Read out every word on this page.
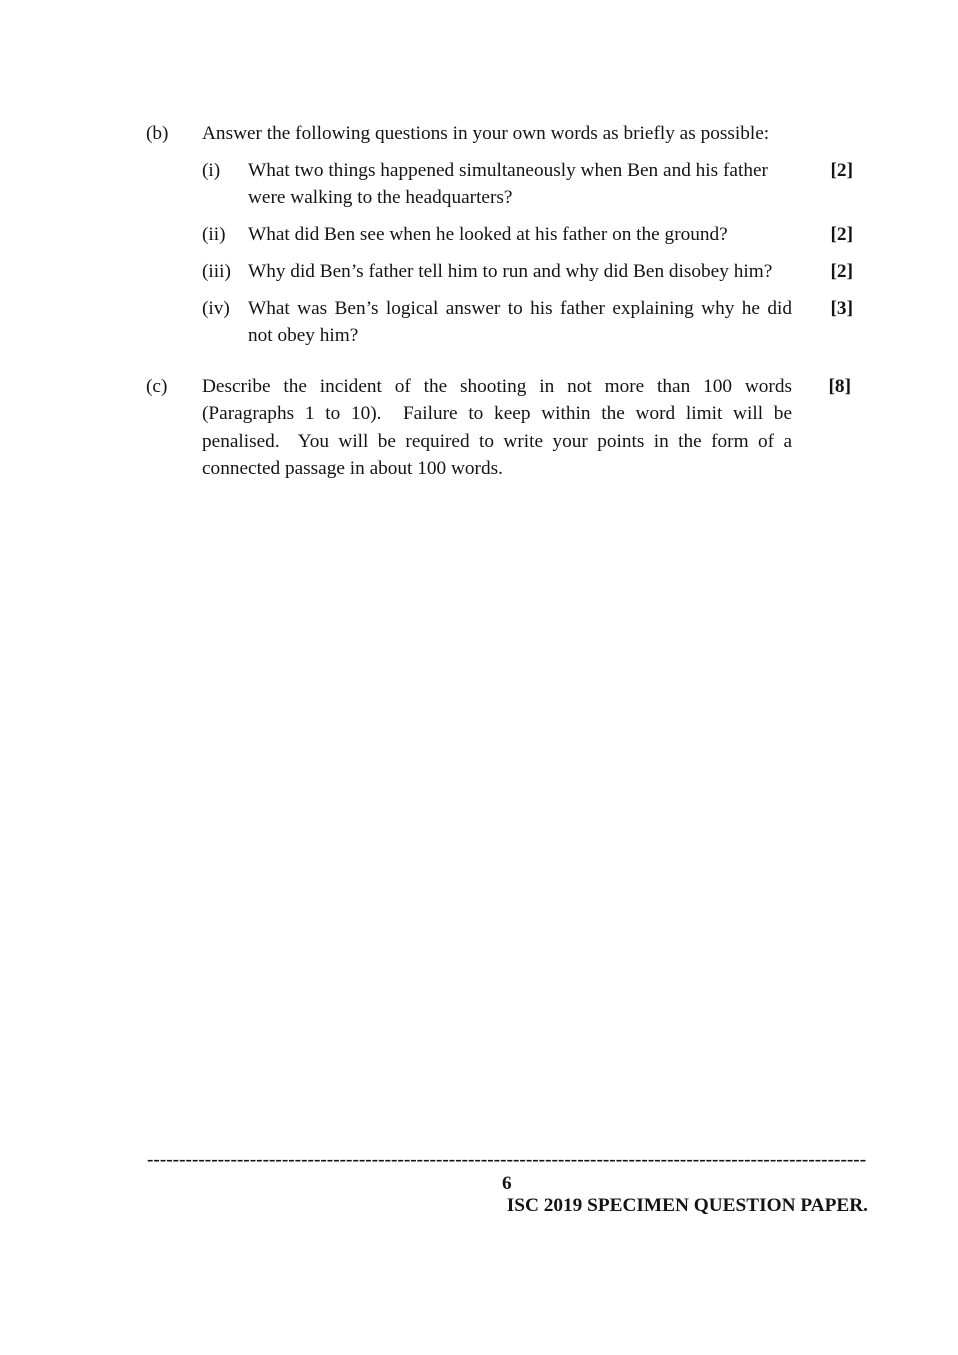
(b) Answer the following questions in your own words as briefly as possible:
(i) What two things happened simultaneously when Ben and his father
were walking to the headquarters?
[2]
(ii) What did Ben see when he looked at his father on the ground?	[2]
(iii) Why did Ben’s father tell him to run and why did Ben disobey him?	[2]
(iv) What was Ben’s logical answer to his father explaining why he did
not obey him?
[3]
(c) Describe the incident of the shooting in not more than 100 words
(Paragraphs 1 to 10).  Failure to keep within the word limit will be
penalised.  You will be required to write your points in the form of a
connected passage in about 100 words.
[8]
----------------------------------------------------------------------------------------------------------------
6
ISC 2019 SPECIMEN QUESTION PAPER.
